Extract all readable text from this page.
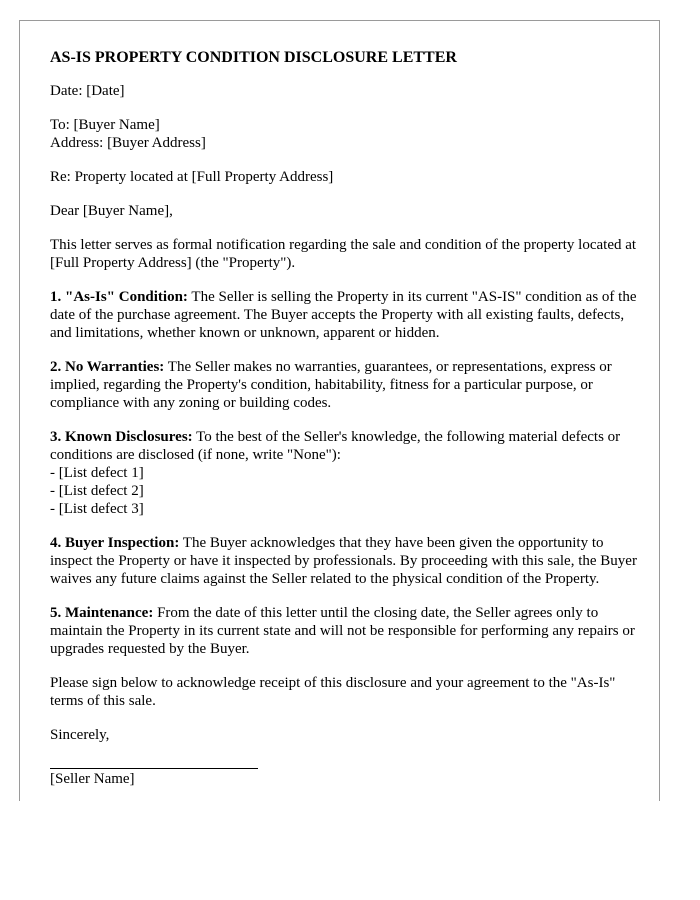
AS-IS PROPERTY CONDITION DISCLOSURE LETTER

Date: [Date]

To: [Buyer Name]
Address: [Buyer Address]

Re: Property located at [Full Property Address]

Dear [Buyer Name],

This letter serves as formal notification regarding the sale and condition of the property located at [Full Property Address] (the "Property").

1. "As-Is" Condition: The Seller is selling the Property in its current "AS-IS" condition as of the date of the purchase agreement. The Buyer accepts the Property with all existing faults, defects, and limitations, whether known or unknown, apparent or hidden.

2. No Warranties: The Seller makes no warranties, guarantees, or representations, express or implied, regarding the Property's condition, habitability, fitness for a particular purpose, or compliance with any zoning or building codes.

3. Known Disclosures: To the best of the Seller's knowledge, the following material defects or conditions are disclosed (if none, write "None"):
- [List defect 1]
- [List defect 2]
- [List defect 3]

4. Buyer Inspection: The Buyer acknowledges that they have been given the opportunity to inspect the Property or have it inspected by professionals. By proceeding with this sale, the Buyer waives any future claims against the Seller related to the physical condition of the Property.

5. Maintenance: From the date of this letter until the closing date, the Seller agrees only to maintain the Property in its current state and will not be responsible for performing any repairs or upgrades requested by the Buyer.

Please sign below to acknowledge receipt of this disclosure and your agreement to the "As-Is" terms of this sale.

Sincerely,

[Seller Name]
